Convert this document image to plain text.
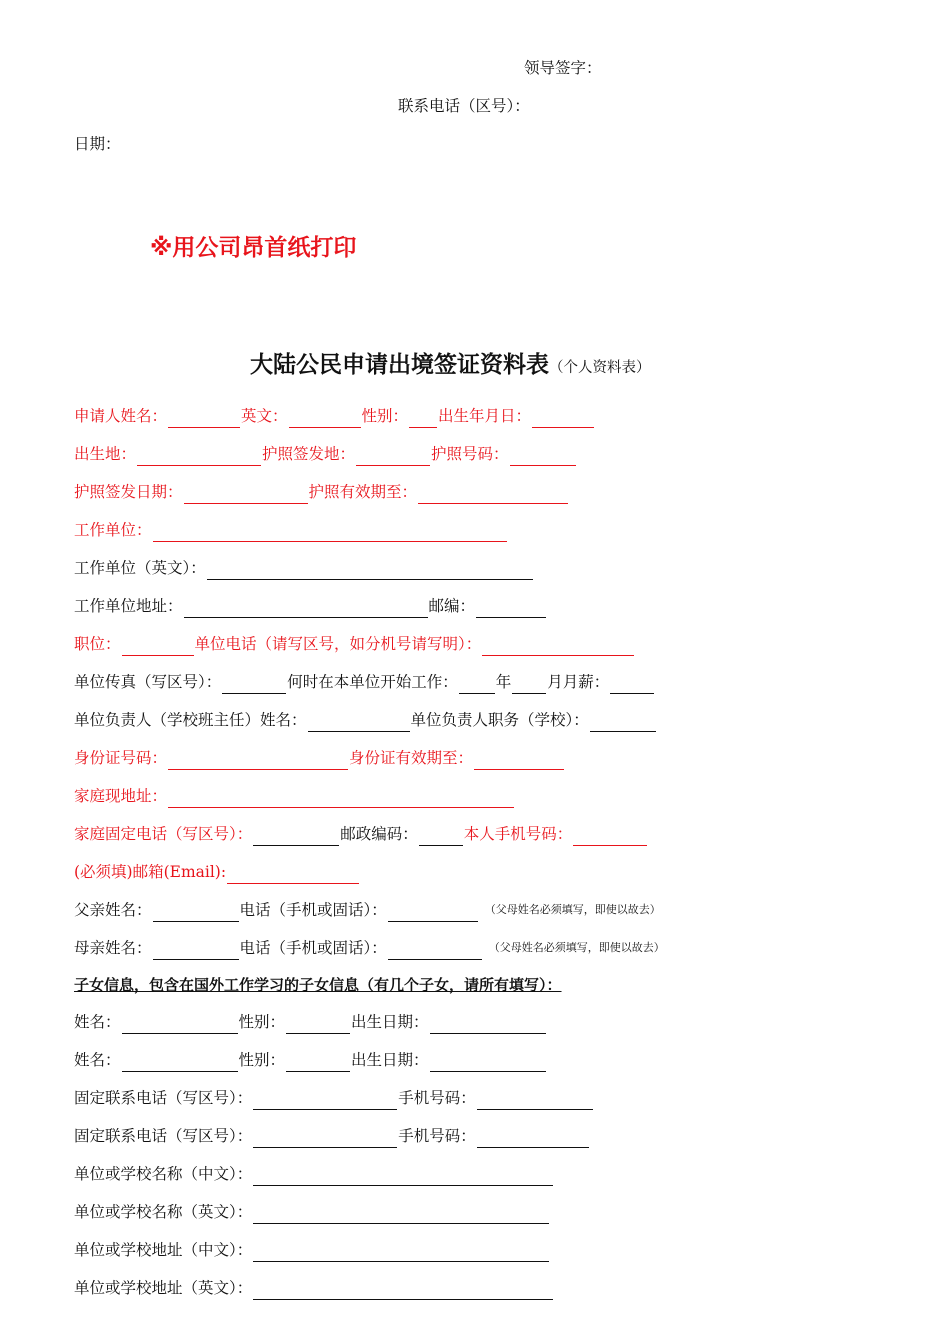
领导签字：
联系电话（区号）：
日期：
※用公司昂首纸打印
大陆公民申请出境签证资料表（个人资料表）
申请人姓名：	英文：	性别： 出生年月日：
出生地：	护照签发地：	护照号码：
护照签发日期：	护照有效期至：
工作单位：
工作单位（英文）：
工作单位地址：	邮编：
职位：	单位电话（请写区号，如分机号请写明）：
单位传真（写区号）：	何时在本单位开始工作： 年 月月薪：
单位负责人（学校班主任）姓名：	单位负责人职务（学校）：
身份证号码：	身份证有效期至：
家庭现地址：
家庭固定电话（写区号）：	邮政编码：	本人手机号码：
(必须填)邮箱(Email):
父亲姓名：	电话（手机或固话）：	（父母姓名必须填写，即使以故去）
母亲姓名：	电话（手机或固话）：	（父母姓名必须填写，即使以故去）
子女信息，包含在国外工作学习的子女信息（有几个子女，请所有填写）：
姓名：	性别：	出生日期：
姓名：	性别：	出生日期：
固定联系电话（写区号）：	手机号码：
固定联系电话（写区号）：	手机号码：
单位或学校名称（中文）：
单位或学校名称（英文）：
单位或学校地址（中文）：
单位或学校地址（英文）：
